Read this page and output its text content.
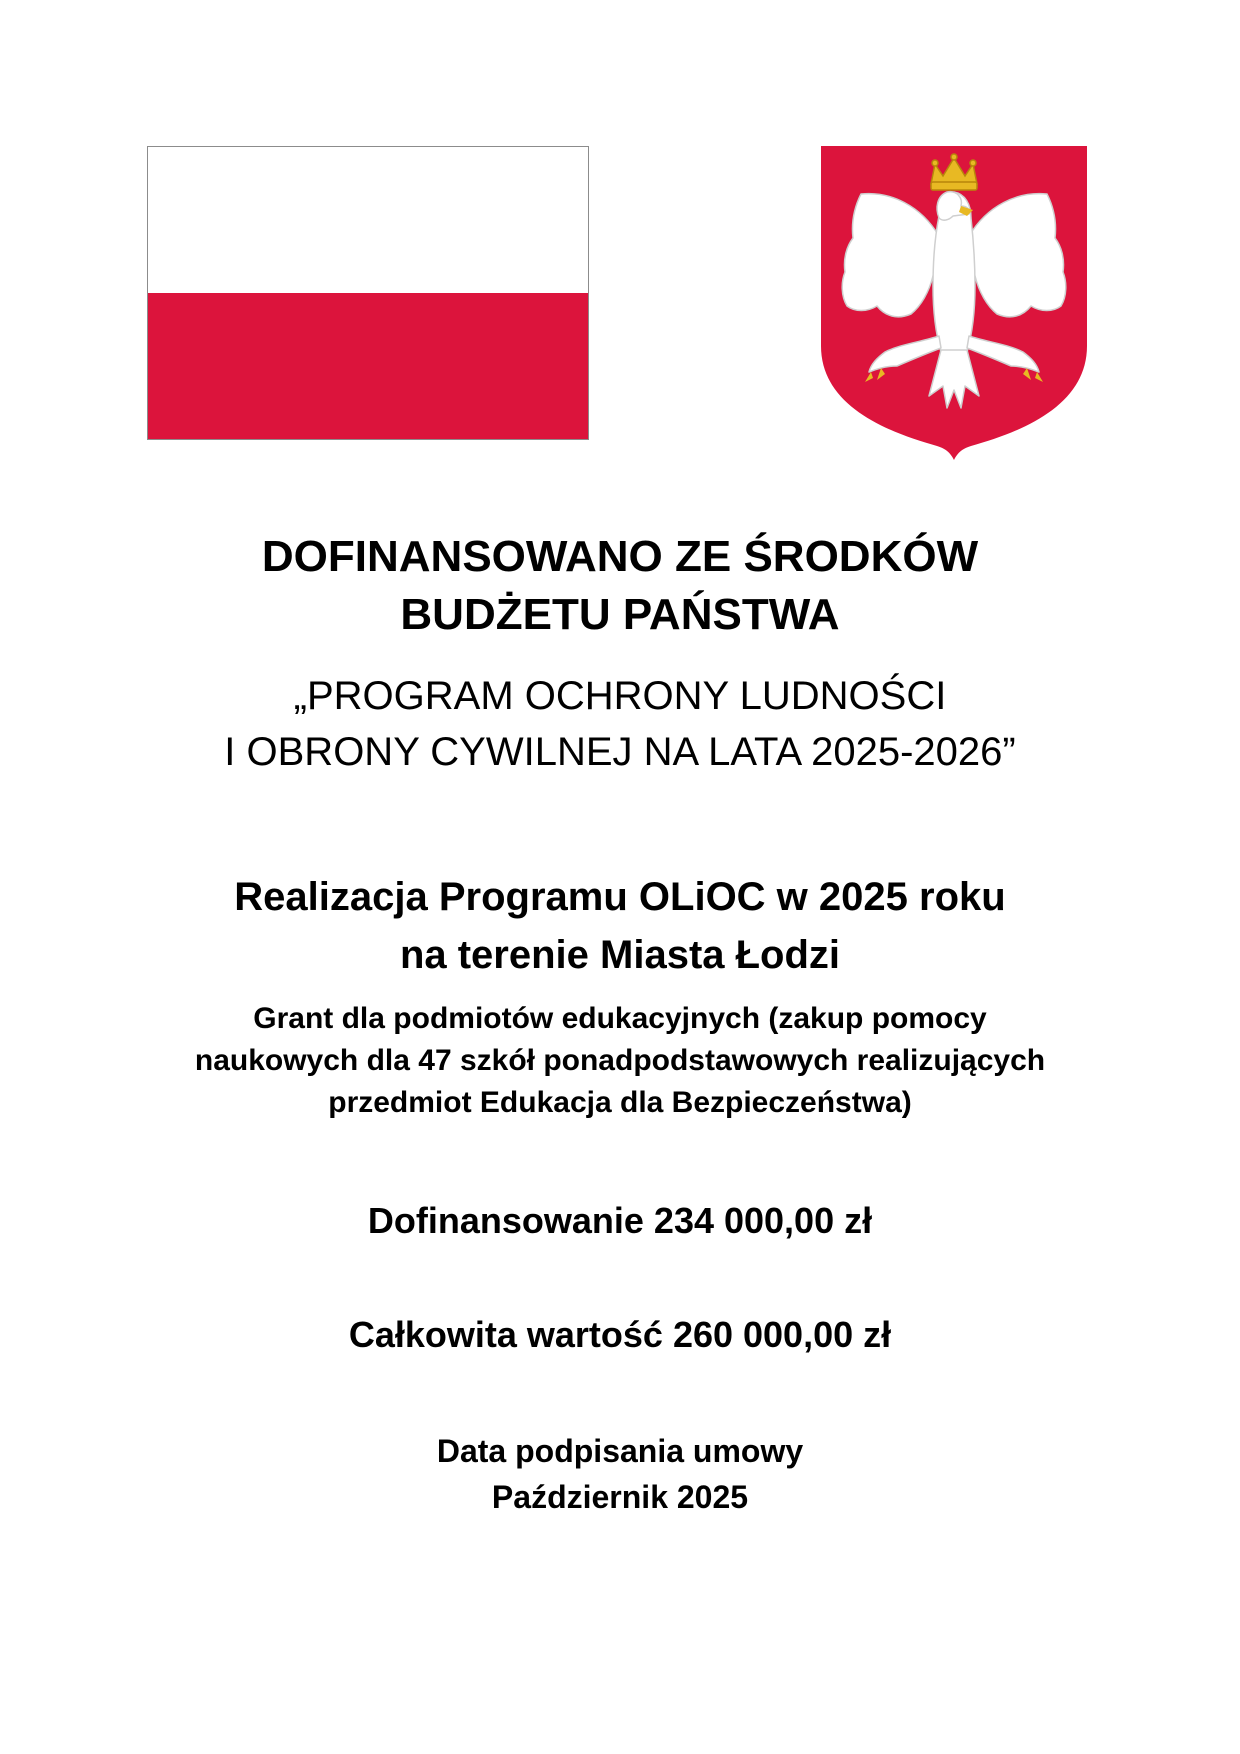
DOFINANSOWANO ZE ŚRODKÓW
BUDŻETU PAŃSTWA
„PROGRAM OCHRONY LUDNOŚCI
I OBRONY CYWILNEJ NA LATA 2025-2026”
Realizacja Programu OLiOC w 2025 roku
na terenie Miasta Łodzi
Grant dla podmiotów edukacyjnych (zakup pomocy
naukowych dla 47 szkół ponadpodstawowych realizujących
przedmiot Edukacja dla Bezpieczeństwa)
Dofinansowanie 234 000,00 zł
Całkowita wartość 260 000,00 zł
Data podpisania umowy
Październik 2025
